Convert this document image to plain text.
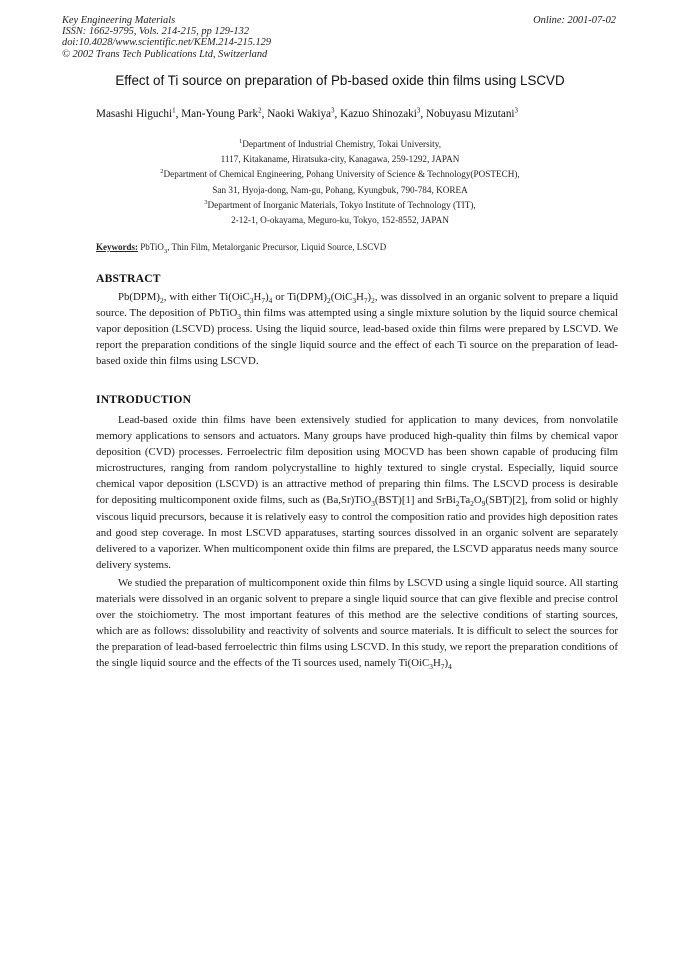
Key Engineering Materials
ISSN: 1662-9795, Vols. 214-215, pp 129-132
doi:10.4028/www.scientific.net/KEM.214-215.129
© 2002 Trans Tech Publications Ltd, Switzerland
Online: 2001-07-02
Effect of Ti source on preparation of Pb-based oxide thin films using LSCVD
Masashi Higuchi$^1$, Man-Young Park$^2$, Naoki Wakiya$^3$, Kazuo Shinozaki$^3$, Nobuyasu Mizutani$^3$
$^1$Department of Industrial Chemistry, Tokai University,
1117, Kitakaname, Hiratsuka-city, Kanagawa, 259-1292, JAPAN
$^2$Department of Chemical Engineering, Pohang University of Science & Technology(POSTECH),
San 31, Hyoja-dong, Nam-gu, Pohang, Kyungbuk, 790-784, KOREA
$^3$Department of Inorganic Materials, Tokyo Institute of Technology (TIT),
2-12-1, O-okayama, Meguro-ku, Tokyo, 152-8552, JAPAN
Keywords: PbTiO$_3$, Thin Film, Metalorganic Precursor, Liquid Source, LSCVD
ABSTRACT

$Pb(DPM)_2$, with either $Ti(OiC_3H_7)_4$ or $Ti(DPM)_2(OiC_3H_7)_2$, was dissolved in an organic solvent to prepare a liquid source. The deposition of PbTiO$_3$ thin films was attempted using a single mixture solution by the liquid source chemical vapor deposition (LSCVD) process. Using the liquid source, lead-based oxide thin films were prepared by LSCVD. We report the preparation conditions of the single liquid source and the effect of each Ti source on the preparation of lead-based oxide thin films using LSCVD.

INTRODUCTION

Lead-based oxide thin films have been extensively studied for application to many devices, from nonvolatile memory applications to sensors and actuators. Many groups have produced high-quality thin films by chemical vapor deposition (CVD) processes. Ferroelectric film deposition using MOCVD has been shown capable of producing film microstructures, ranging from random polycrystalline to highly textured to single crystal. Especially, liquid source chemical vapor deposition (LSCVD) is an attractive method of preparing thin films. The LSCVD process is desirable for depositing multicomponent oxide films, such as (Ba,Sr)TiO$_3$(BST)[1] and $SrBi_2Ta_2O_9(SBT)[2]$, from solid or highly viscous liquid precursors, because it is relatively easy to control the composition ratio and provides high deposition rates and good step coverage. In most LSCVD apparatuses, starting sources dissolved in an organic solvent are separately delivered to a vaporizer. When multicomponent oxide thin films are prepared, the LSCVD apparatus needs many source delivery systems.

We studied the preparation of multicomponent oxide thin films by LSCVD using a single liquid source. All starting materials were dissolved in an organic solvent to prepare a single liquid source that can give flexible and precise control over the stoichiometry. The most important features of this method are the selective conditions of starting sources, which are as follows: dissolubility and reactivity of solvents and source materials. It is difficult to select the sources for the preparation of lead-based ferroelectric thin films using LSCVD. In this study, we report the preparation conditions of the single liquid source and the effects of the Ti sources used, namely $Ti(OiC_3H_7)_4$
